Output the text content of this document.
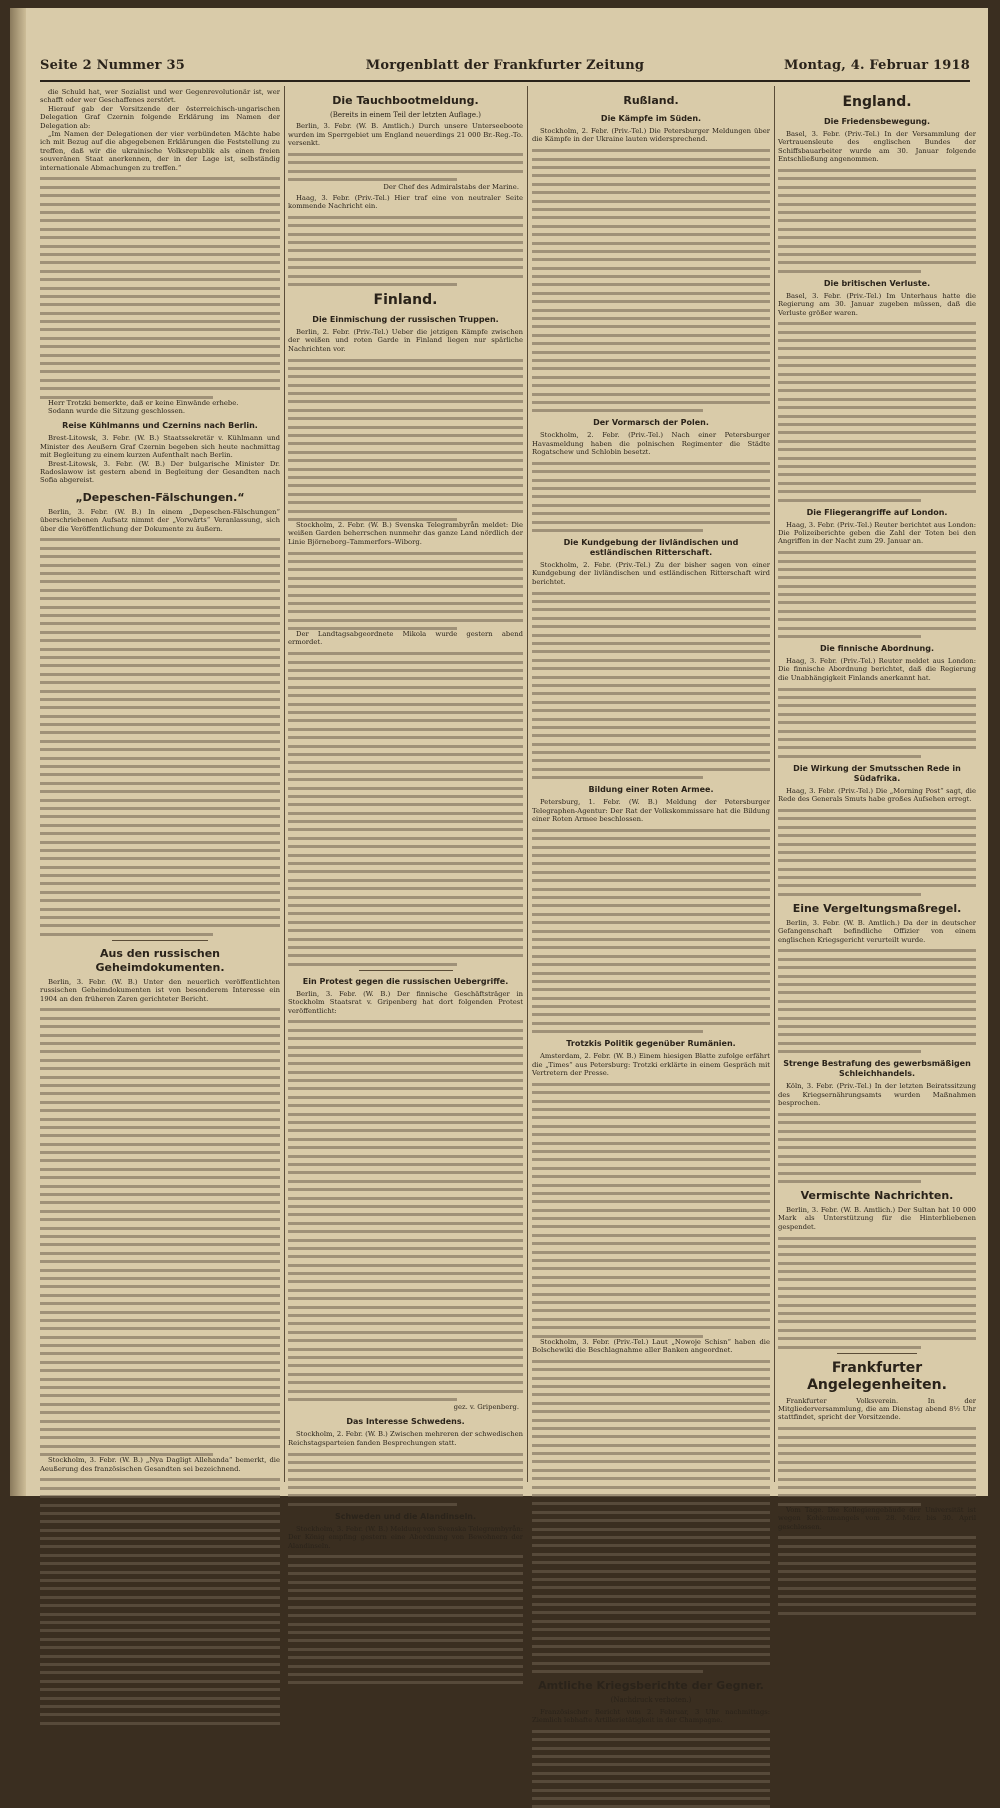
Seite 2 Nummer 35	Morgenblatt der Frankfurter Zeitung	Montag, 4. Februar 1918

die Schuld hat, wer Sozialist und wer Gegenrevolutionär ist, wer schafft oder wer Geschaffenes zerstört.

Hierauf gab der Vorsitzende der österreichisch-ungarischen Delegation Graf Czernin folgende Erklärung im Namen der Delegation ab:

„Im Namen der Delegationen der vier verbündeten Mächte habe ich mit Bezug auf die abgegebenen Erklärungen die Feststellung zu treffen, daß wir die ukrainische Volksrepublik als einen freien souveränen Staat anerkennen, der in der Lage ist, selbständig internationale Abmachungen zu treffen.“

Herr Trotzki bemerkte, daß er keine Einwände erhebe.

Sodann wurde die Sitzung geschlossen.

Reise Kühlmanns und Czernins nach Berlin.

Brest-Litowsk, 3. Febr. (W. B.) Staatssekretär v. Kühlmann und Minister des Aeußern Graf Czernin begeben sich heute nachmittag mit Begleitung zu einem kurzen Aufenthalt nach Berlin.

Brest-Litowsk, 3. Febr. (W. B.) Der bulgarische Minister Dr. Radoslawow ist gestern abend in Begleitung der Gesandten nach Sofia abgereist.

„Depeschen-Fälschungen.“

Berlin, 3. Febr. (W. B.) In einem „Depeschen-Fälschungen“ überschriebenen Aufsatz nimmt der „Vorwärts“ Veranlassung, sich über die Veröffentlichung der Dokumente zu äußern.

Aus den russischen Geheimdokumenten.

Berlin, 3. Febr. (W. B.) Unter den neuerlich veröffentlichten russischen Geheimdokumenten ist von besonderem Interesse ein 1904 an den früheren Zaren gerichteter Bericht.

Stockholm, 3. Febr. (W. B.) „Nya Dagligt Allehanda“ bemerkt, die Aeußerung des französischen Gesandten sei bezeichnend.

Die Tauchbootmeldung.
(Bereits in einem Teil der letzten Auflage.)

Berlin, 3. Febr. (W. B. Amtlich.) Durch unsere Unterseeboote wurden im Sperrgebiet um England neuerdings 21 000 Br.-Reg.-To. versenkt.

Der Chef des Admiralstabs der Marine.

Haag, 3. Febr. (Priv.-Tel.) Hier traf eine von neutraler Seite kommende Nachricht ein.

Finland.
Die Einmischung der russischen Truppen.

Berlin, 2. Febr. (Priv.-Tel.) Ueber die jetzigen Kämpfe zwischen der weißen und roten Garde in Finland liegen nur spärliche Nachrichten vor.

Stockholm, 2. Febr. (W. B.) Svenska Telegrambyrån meldet: Die weißen Garden beherrschen nunmehr das ganze Land nördlich der Linie Björneborg–Tammerfors–Wiborg.

Der Landtagsabgeordnete Mikola wurde gestern abend ermordet.

Ein Protest gegen die russischen Uebergriffe.

Berlin, 3. Febr. (W. B.) Der finnische Geschäftsträger in Stockholm Staatsrat v. Gripenberg hat dort folgenden Protest veröffentlicht:

gez. v. Gripenberg.
Das Interesse Schwedens.

Stockholm, 2. Febr. (W. B.) Zwischen mehreren der schwedischen Reichstagsparteien fanden Besprechungen statt.

Schweden und die Alandinseln.

Stockholm, 3. Febr. (W. B.) Meldung von Svenska Telegrambyrån: Der König empfing gestern eine Abordnung von Bewohnern der Alandinseln.

Rußland.
Die Kämpfe im Süden.

Stockholm, 2. Febr. (Priv.-Tel.) Die Petersburger Meldungen über die Kämpfe in der Ukraine lauten widersprechend.

Der Vormarsch der Polen.

Stockholm, 2. Febr. (Priv.-Tel.) Nach einer Petersburger Havasmeldung haben die polnischen Regimenter die Städte Rogatschew und Schlobin besetzt.

Die Kundgebung der livländischen und estländischen Ritterschaft.

Stockholm, 2. Febr. (Priv.-Tel.) Zu der bisher sagen von einer Kundgebung der livländischen und estländischen Ritterschaft wird berichtet.

Bildung einer Roten Armee.

Petersburg, 1. Febr. (W. B.) Meldung der Petersburger Telegraphen-Agentur: Der Rat der Volkskommissare hat die Bildung einer Roten Armee beschlossen.

Trotzkis Politik gegenüber Rumänien.

Amsterdam, 2. Febr. (W. B.) Einem hiesigen Blatte zufolge erfährt die „Times“ aus Petersburg: Trotzki erklärte in einem Gespräch mit Vertretern der Presse.

Stockholm, 3. Febr. (Priv.-Tel.) Laut „Nowoje Schisn“ haben die Bolschewiki die Beschlagnahme aller Banken angeordnet.

Amtliche Kriegsberichte der Gegner.
(Nachdruck verboten.)

Französischer Bericht vom 2. Februar, 3 Uhr nachmittags: Ziemlich lebhafte Artillerietätigkeit in der Champagne.

England.
Die Friedensbewegung.

Basel, 3. Febr. (Priv.-Tel.) In der Versammlung der Vertrauensleute des englischen Bundes der Schiffsbauarbeiter wurde am 30. Januar folgende Entschließung angenommen.

Die britischen Verluste.

Basel, 3. Febr. (Priv.-Tel.) Im Unterhaus hatte die Regierung am 30. Januar zugeben müssen, daß die Verluste größer waren.

Die Fliegerangriffe auf London.

Haag, 3. Febr. (Priv.-Tel.) Reuter berichtet aus London: Die Polizeiberichte geben die Zahl der Toten bei den Angriffen in der Nacht zum 29. Januar an.

Die finnische Abordnung.

Haag, 3. Febr. (Priv.-Tel.) Reuter meldet aus London: Die finnische Abordnung berichtet, daß die Regierung die Unabhängigkeit Finlands anerkannt hat.

Die Wirkung der Smutsschen Rede in Südafrika.

Haag, 3. Febr. (Priv.-Tel.) Die „Morning Post“ sagt, die Rede des Generals Smuts habe großes Aufsehen erregt.

Eine Vergeltungsmaßregel.

Berlin, 3. Febr. (W. B. Amtlich.) Da der in deutscher Gefangenschaft befindliche Offizier von einem englischen Kriegsgericht verurteilt wurde.

Strenge Bestrafung des gewerbsmäßigen Schleichhandels.

Köln, 3. Febr. (Priv.-Tel.) In der letzten Beiratssitzung des Kriegsernährungsamts wurden Maßnahmen besprochen.

Vermischte Nachrichten.

Berlin, 3. Febr. (W. B. Amtlich.) Der Sultan hat 10 000 Mark als Unterstützung für die Hinterbliebenen gespendet.

Frankfurter Angelegenheiten.

Frankfurter Volksverein. In der Mitgliederversammlung, die am Dienstag abend 8½ Uhr stattfindet, spricht der Vorsitzende.

Vom Tage. Die Kollegiengebäude der Universität ist wegen Kohlenmangels vom 28. März bis 30. April geschlossen.
